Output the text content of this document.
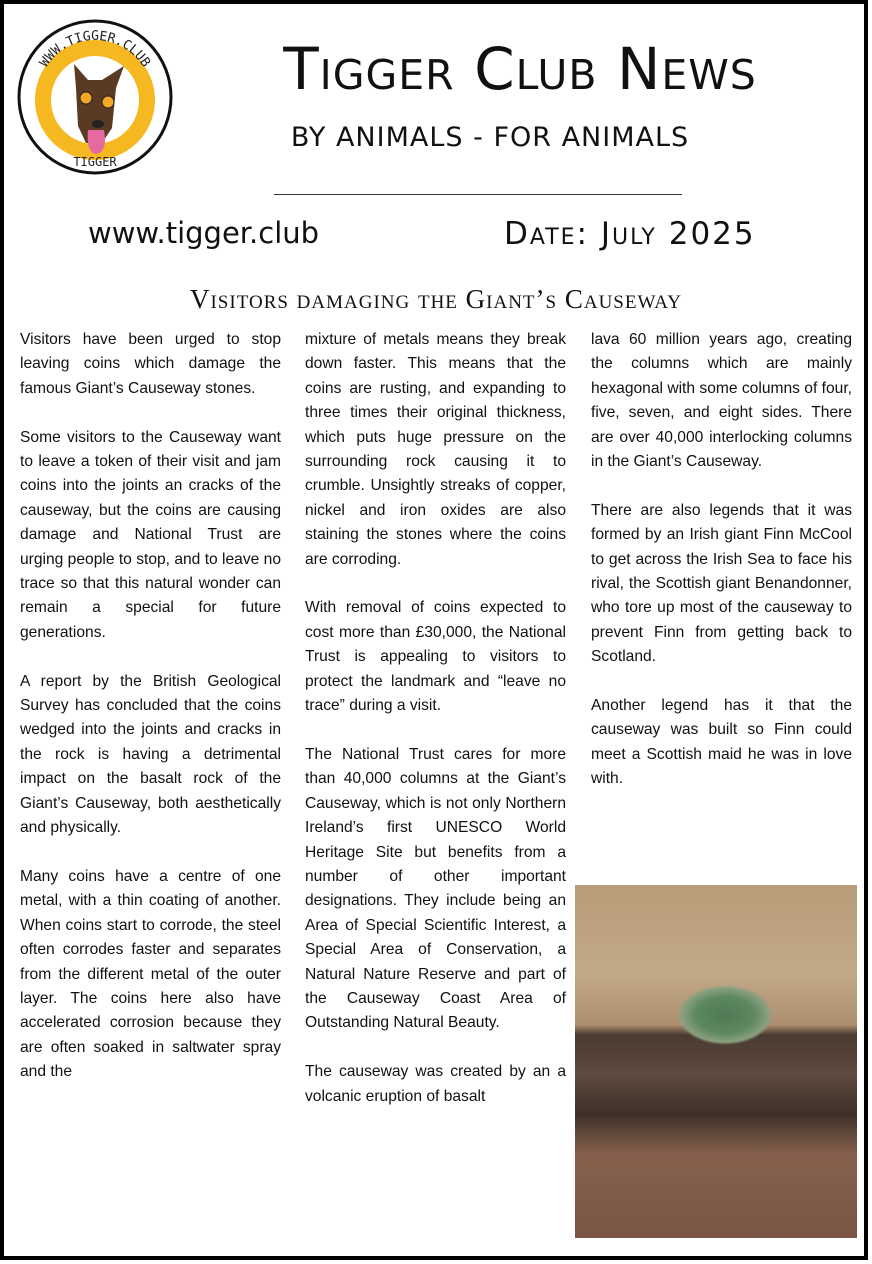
WWW.TIGGER.CLUB
TIGGER
Tigger Club News
BY ANIMALS - FOR ANIMALS
www.tigger.club	Date: July 2025
Visitors damaging the Giant’s Causeway

Visitors have been urged to stop leaving coins which damage the famous Giant’s Causeway stones.

Some visitors to the Causeway want to leave a token of their visit and jam coins into the joints an cracks of the causeway, but the coins are causing damage and National Trust are urging people to stop, and to leave no trace so that this natural wonder can remain a special for future generations.

A report by the British Geological Survey has concluded that the coins wedged into the joints and cracks in the rock is having a detrimental impact on the basalt rock of the Giant’s Causeway, both aesthetically and physically.

Many coins have a centre of one metal, with a thin coating of another. When coins start to corrode, the steel often corrodes faster and separates from the different metal of the outer layer. The coins here also have accelerated corrosion because they are often soaked in saltwater spray and the

mixture of metals means they break down faster. This means that the coins are rusting, and expanding to three times their original thickness, which puts huge pressure on the surrounding rock causing it to crumble. Unsightly streaks of copper, nickel and iron oxides are also staining the stones where the coins are corroding.

With removal of coins expected to cost more than £30,000, the National Trust is appealing to visitors to protect the landmark and “leave no trace” during a visit.

The National Trust cares for more than 40,000 columns at the Giant’s Causeway, which is not only Northern Ireland’s first UNESCO World Heritage Site but benefits from a number of other important designations. They include being an Area of Special Scientific Interest, a Special Area of Conservation, a Natural Nature Reserve and part of the Causeway Coast Area of Outstanding Natural Beauty.

The causeway was created by an a volcanic eruption of basalt

lava 60 million years ago, creating the columns which are mainly hexagonal with some columns of four, five, seven, and eight sides. There are over 40,000 interlocking columns in the Giant’s Causeway.

There are also legends that it was formed by an Irish giant Finn McCool to get across the Irish Sea to face his rival, the Scottish giant Benandonner, who tore up most of the causeway to prevent Finn from getting back to Scotland.

Another legend has it that the causeway was built so Finn could meet a Scottish maid he was in love with.
